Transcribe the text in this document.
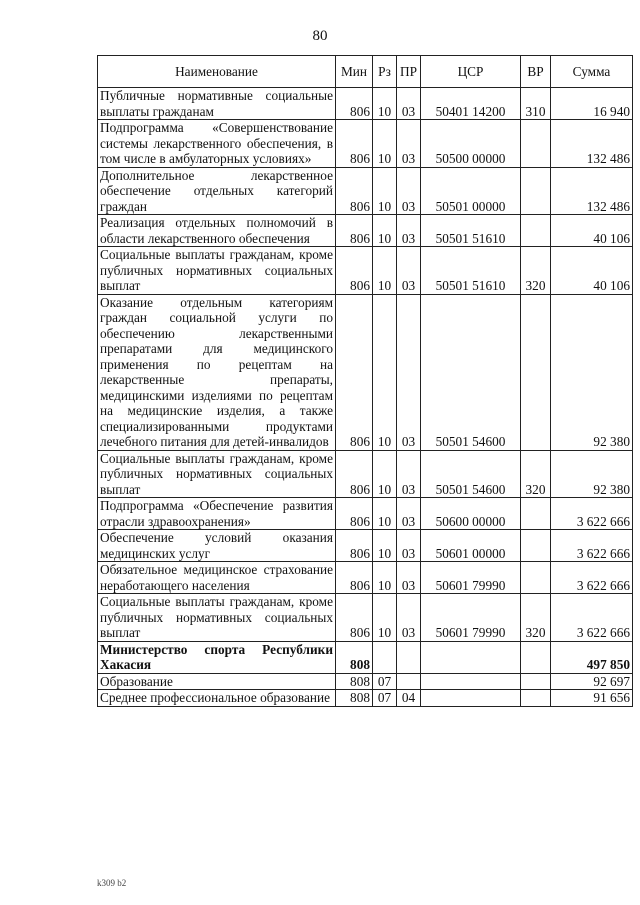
80
Наименование	Мин	Рз	ПР	ЦСР	ВР	Сумма
Публичные нормативные социальные выплаты гражданам	806	10	03	50401 14200	310	16 940
Подпрограмма «Совершенствование системы лекарственного обеспечения, в том числе в амбулаторных условиях»	806	10	03	50500 00000		132 486
Дополнительное лекарственное обеспечение отдельных категорий граждан	806	10	03	50501 00000		132 486
Реализация отдельных полномочий в области лекарственного обеспечения	806	10	03	50501 51610		40 106
Социальные выплаты гражданам, кроме публичных нормативных социальных выплат	806	10	03	50501 51610	320	40 106
Оказание отдельным категориям граждан социальной услуги по обеспечению лекарственными препаратами для медицинского применения по рецептам на лекарственные препараты, медицинскими изделиями по рецептам на медицинские изделия, а также специализированными продуктами лечебного питания для детей-инвалидов	806	10	03	50501 54600		92 380
Социальные выплаты гражданам, кроме публичных нормативных социальных выплат	806	10	03	50501 54600	320	92 380
Подпрограмма «Обеспечение развития отрасли здравоохранения»	806	10	03	50600 00000		3 622 666
Обеспечение условий оказания медицинских услуг	806	10	03	50601 00000		3 622 666
Обязательное медицинское страхование неработающего населения	806	10	03	50601 79990		3 622 666
Социальные выплаты гражданам, кроме публичных нормативных социальных выплат	806	10	03	50601 79990	320	3 622 666
Министерство спорта Республики Хакасия	808					497 850
Образование	808	07				92 697
Среднее профессиональное образование	808	07	04			91 656
k309 b2
